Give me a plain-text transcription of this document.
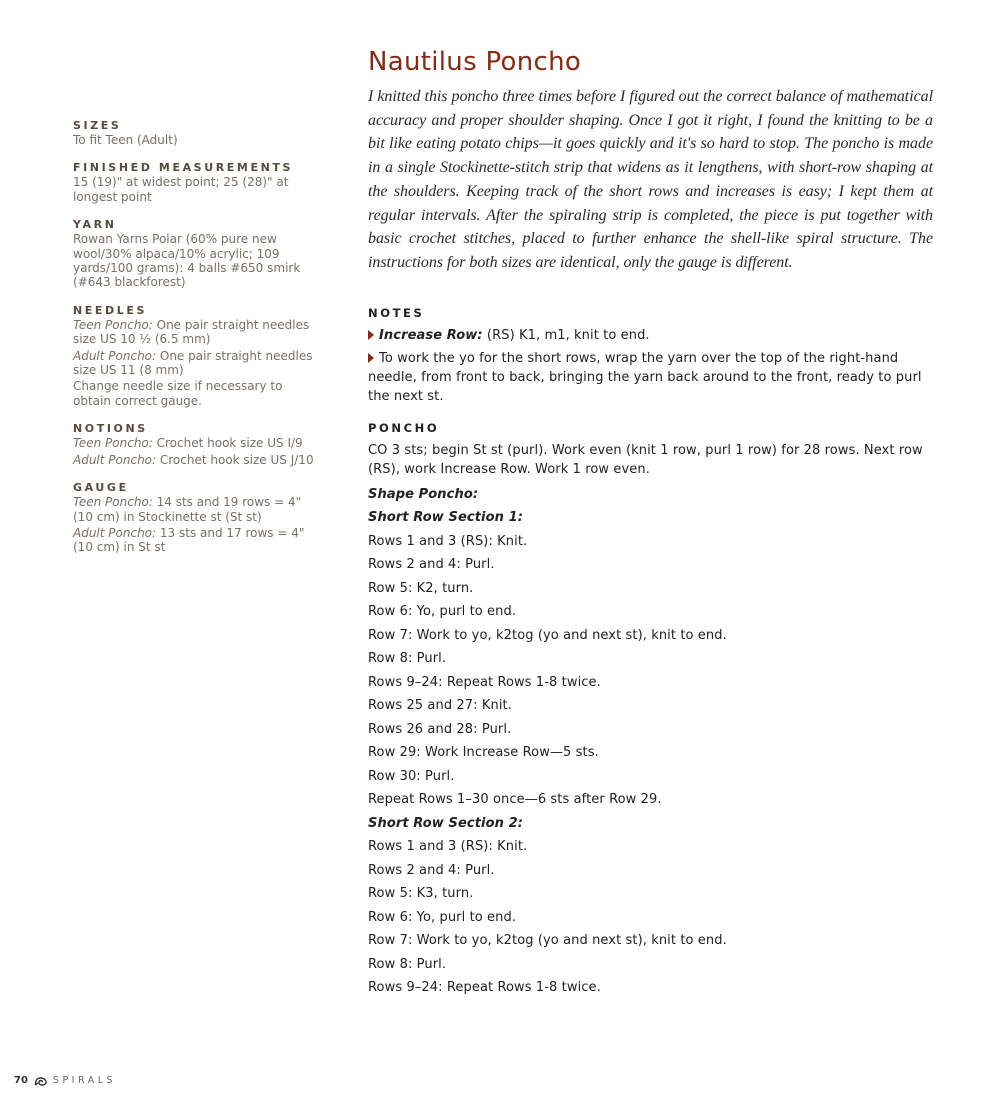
SIZES
To fit Teen (Adult)
FINISHED MEASUREMENTS
15 (19)" at widest point; 25 (28)" at longest point
YARN
Rowan Yarns Polar (60% pure new wool/30% alpaca/10% acrylic; 109 yards/100 grams): 4 balls #650 smirk (#643 blackforest)
NEEDLES
Teen Poncho: One pair straight needles size US 10 ½ (6.5 mm)
Adult Poncho: One pair straight needles size US 11 (8 mm)
Change needle size if necessary to obtain correct gauge.
NOTIONS
Teen Poncho: Crochet hook size US I/9
Adult Poncho: Crochet hook size US J/10
GAUGE
Teen Poncho: 14 sts and 19 rows = 4" (10 cm) in Stockinette st (St st)
Adult Poncho: 13 sts and 17 rows = 4" (10 cm) in St st
Nautilus Poncho

I knitted this poncho three times before I figured out the correct balance of mathematical accuracy and proper shoulder shaping. Once I got it right, I found the knitting to be a bit like eating potato chips—it goes quickly and it's so hard to stop. The poncho is made in a single Stockinette-stitch strip that widens as it lengthens, with short-row shaping at the shoulders. Keeping track of the short rows and increases is easy; I kept them at regular intervals. After the spiraling strip is completed, the piece is put together with basic crochet stitches, placed to further enhance the shell-like spiral structure. The instructions for both sizes are identical, only the gauge is different.

NOTES
Increase Row: (RS) K1, m1, knit to end.
To work the yo for the short rows, wrap the yarn over the top of the right-hand needle, from front to back, bringing the yarn back around to the front, ready to purl the next st.
PONCHO
CO 3 sts; begin St st (purl). Work even (knit 1 row, purl 1 row) for 28 rows. Next row (RS), work Increase Row. Work 1 row even.
Shape Poncho:
Short Row Section 1:
Rows 1 and 3 (RS): Knit.
Rows 2 and 4: Purl.
Row 5: K2, turn.
Row 6: Yo, purl to end.
Row 7: Work to yo, k2tog (yo and next st), knit to end.
Row 8: Purl.
Rows 9–24: Repeat Rows 1-8 twice.
Rows 25 and 27: Knit.
Rows 26 and 28: Purl.
Row 29: Work Increase Row—5 sts.
Row 30: Purl.
Repeat Rows 1–30 once—6 sts after Row 29.
Short Row Section 2:
Rows 1 and 3 (RS): Knit.
Rows 2 and 4: Purl.
Row 5: K3, turn.
Row 6: Yo, purl to end.
Row 7: Work to yo, k2tog (yo and next st), knit to end.
Row 8: Purl.
Rows 9–24: Repeat Rows 1-8 twice.
70	SPIRALS
